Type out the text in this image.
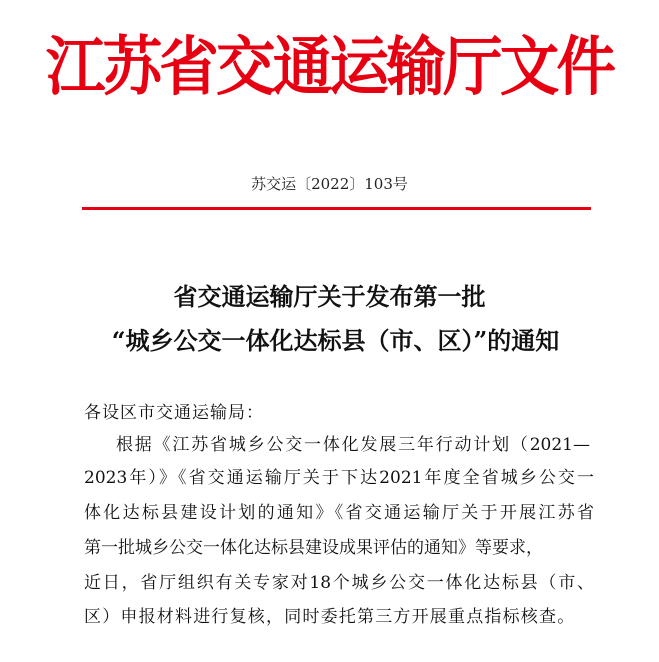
江苏省交通运输厅文件
苏交运〔2022〕103号
省交通运输厅关于发布第一批
“城乡公交一体化达标县（市、区）”的通知
各设区市交通运输局：
根据《江苏省城乡公交一体化发展三年行动计划（2021—
2023年）》《省交通运输厅关于下达2021年度全省城乡公交一
体化达标县建设计划的通知》《省交通运输厅关于开展江苏省
第一批城乡公交一体化达标县建设成果评估的通知》等要求，
近日，省厅组织有关专家对18个城乡公交一体化达标县（市、
区）申报材料进行复核，同时委托第三方开展重点指标核查。
